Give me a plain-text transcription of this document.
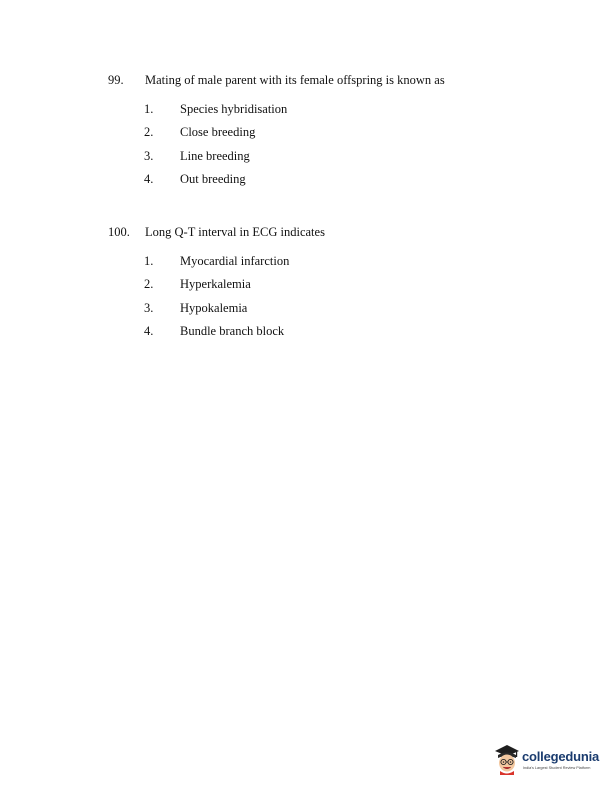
99. Mating of male parent with its female offspring is known as
1. Species hybridisation
2. Close breeding
3. Line breeding
4. Out breeding
100. Long Q-T interval in ECG indicates
1. Myocardial infarction
2. Hyperkalemia
3. Hypokalemia
4. Bundle branch block
collegedunia
India's Largest Student Review Platform
